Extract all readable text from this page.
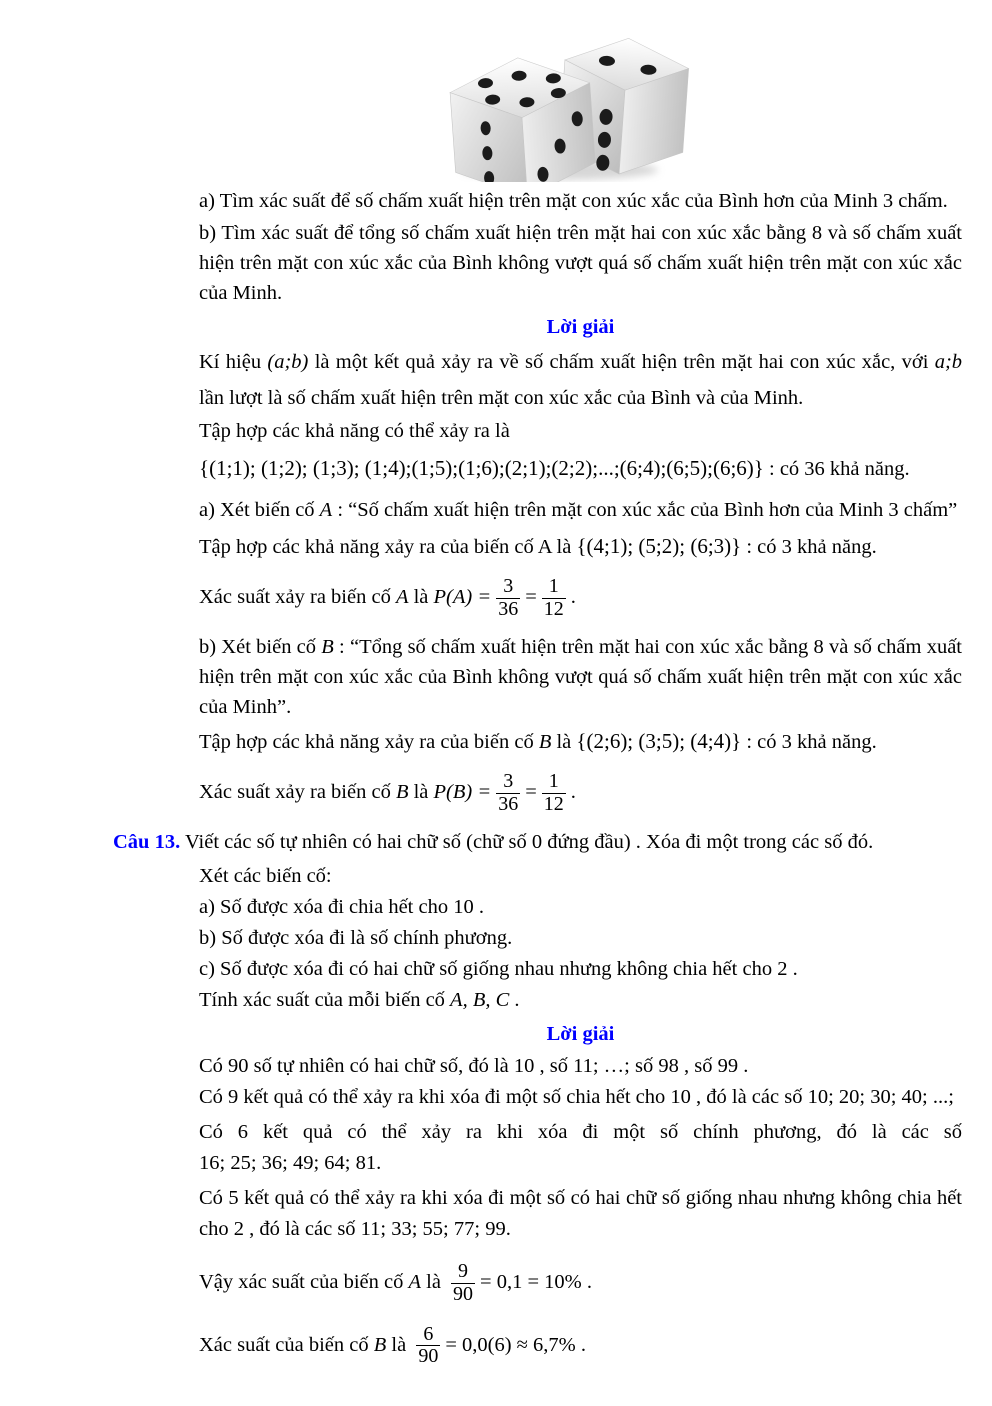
a) Tìm xác suất để số chấm xuất hiện trên mặt con xúc xắc của Bình hơn của Minh 3 chấm.

b) Tìm xác suất để tổng số chấm xuất hiện trên mặt hai con xúc xắc bằng 8 và số chấm xuất hiện trên mặt con xúc xắc của Bình không vượt quá số chấm xuất hiện trên mặt con xúc xắc của Minh.

Lời giải

Kí hiệu (a;b) là một kết quả xảy ra về số chấm xuất hiện trên mặt hai con xúc xắc, với a;b lần lượt là số chấm xuất hiện trên mặt con xúc xắc của Bình và của Minh.

Tập hợp các khả năng có thể xảy ra là

{(1;1); (1;2); (1;3); (1;4);(1;5);(1;6);(2;1);(2;2);...;(6;4);(6;5);(6;6)} : có 36 khả năng.

a) Xét biến cố A : “Số chấm xuất hiện trên mặt con xúc xắc của Bình hơn của Minh 3 chấm”

Tập hợp các khả năng xảy ra của biến cố A là {(4;1); (5;2); (6;3)} : có 3 khả năng.

Xác suất xảy ra biến cố A là $P(A) = \frac{3}{36} = \frac{1}{12}$ .

b) Xét biến cố B : “Tổng số chấm xuất hiện trên mặt hai con xúc xắc bằng 8 và số chấm xuất hiện trên mặt con xúc xắc của Bình không vượt quá số chấm xuất hiện trên mặt con xúc xắc của Minh”.

Tập hợp các khả năng xảy ra của biến cố B là {(2;6); (3;5); (4;4)} : có 3 khả năng.

Xác suất xảy ra biến cố B là $P(B) = \frac{3}{36} = \frac{1}{12}$ .

Câu 13. Viết các số tự nhiên có hai chữ số (chữ số 0 đứng đầu) . Xóa đi một trong các số đó.

Xét các biến cố:

a) Số được xóa đi chia hết cho 10 .

b) Số được xóa đi là số chính phương.

c) Số được xóa đi có hai chữ số giống nhau nhưng không chia hết cho 2 .

Tính xác suất của mỗi biến cố A, B, C .

Lời giải

Có 90 số tự nhiên có hai chữ số, đó là 10 , số 11; …; số 98 , số 99 .

Có 9 kết quả có thể xảy ra khi xóa đi một số chia hết cho 10 , đó là các số 10; 20; 30; 40; ...;

Có 6 kết quả có thể xảy ra khi xóa đi một số chính phương, đó là các số
16; 25; 36; 49; 64; 81.

Có 5 kết quả có thể xảy ra khi xóa đi một số có hai chữ số giống nhau nhưng không chia hết cho 2 , đó là các số 11; 33; 55; 77; 99.

Vậy xác suất của biến cố A là $\frac{9}{90} = 0,1 = 10\%$ .

Xác suất của biến cố B là $\frac{6}{90} = 0,0(6) \approx 6,7\%$ .
